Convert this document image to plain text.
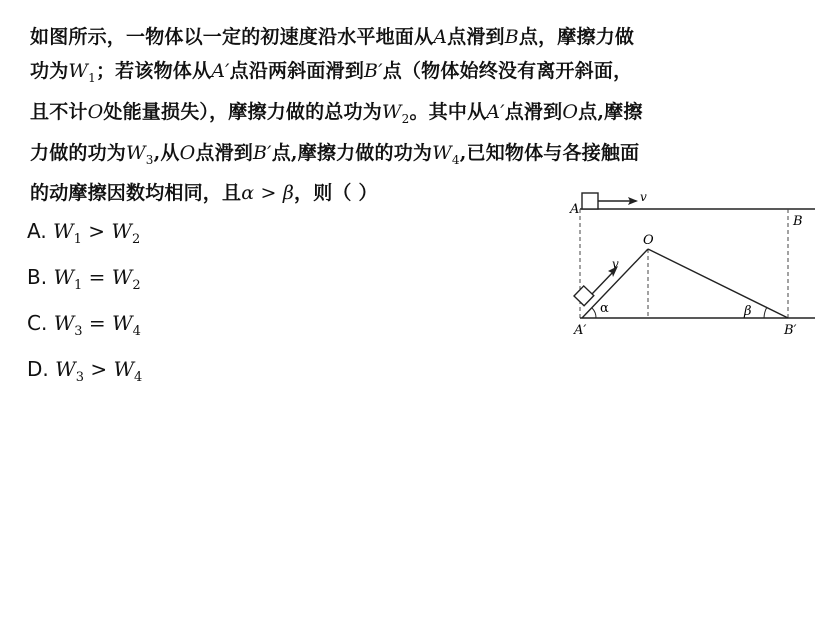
如图所示，一物体以一定的初速度沿水平地面从A点滑到B点，摩擦力做
功为$W_1$；若该物体从A′点沿两斜面滑到B′点（物体始终没有离开斜面，
且不计O处能量损失），摩擦力做的总功为$W_2$。其中从A′点滑到O点,摩擦
力做的功为$W_3$,从O点滑到B′点,摩擦力做的功为$W_4$,已知物体与各接触面
的动摩擦因数均相同，且α > β，则（ ）
A. $W_1 > W_2$
B. $W_1 = W_2$
C. $W_3 = W_4$
D. $W_3 > W_4$
v
A
B
v
α	β
O
A′	B′
